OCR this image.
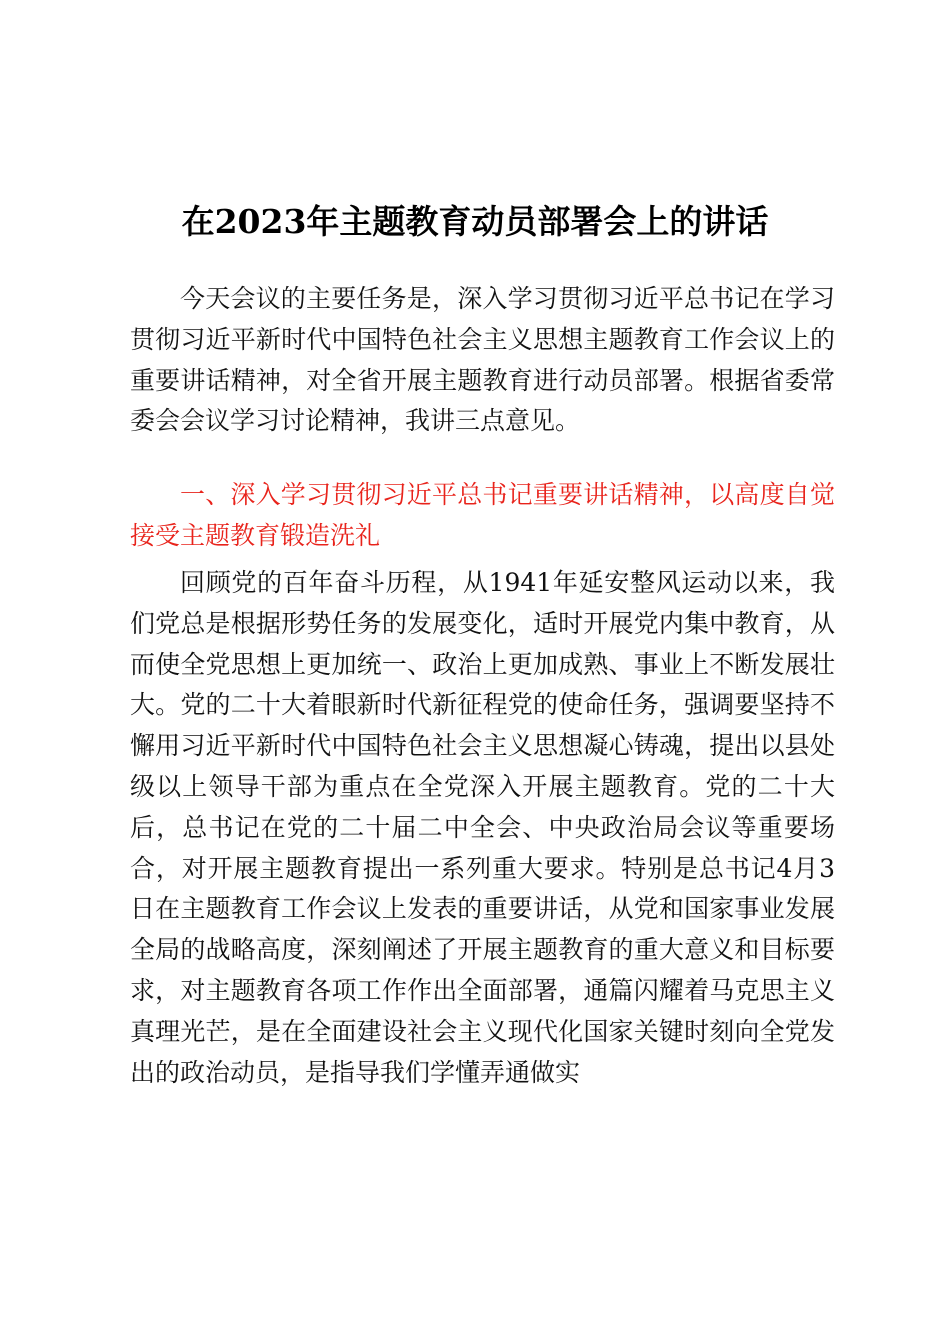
在2023年主题教育动员部署会上的讲话

今天会议的主要任务是，深入学习贯彻习近平总书记在学习贯彻习近平新时代中国特色社会主义思想主题教育工作会议上的重要讲话精神，对全省开展主题教育进行动员部署。根据省委常委会会议学习讨论精神，我讲三点意见。

一、深入学习贯彻习近平总书记重要讲话精神，以高度自觉接受主题教育锻造洗礼

回顾党的百年奋斗历程，从1941年延安整风运动以来，我们党总是根据形势任务的发展变化，适时开展党内集中教育，从而使全党思想上更加统一、政治上更加成熟、事业上不断发展壮大。党的二十大着眼新时代新征程党的使命任务，强调要坚持不懈用习近平新时代中国特色社会主义思想凝心铸魂，提出以县处级以上领导干部为重点在全党深入开展主题教育。党的二十大后，总书记在党的二十届二中全会、中央政治局会议等重要场合，对开展主题教育提出一系列重大要求。特别是总书记4月3日在主题教育工作会议上发表的重要讲话，从党和国家事业发展全局的战略高度，深刻阐述了开展主题教育的重大意义和目标要求，对主题教育各项工作作出全面部署，通篇闪耀着马克思主义真理光芒，是在全面建设社会主义现代化国家关键时刻向全党发出的政治动员，是指导我们学懂弄通做实
